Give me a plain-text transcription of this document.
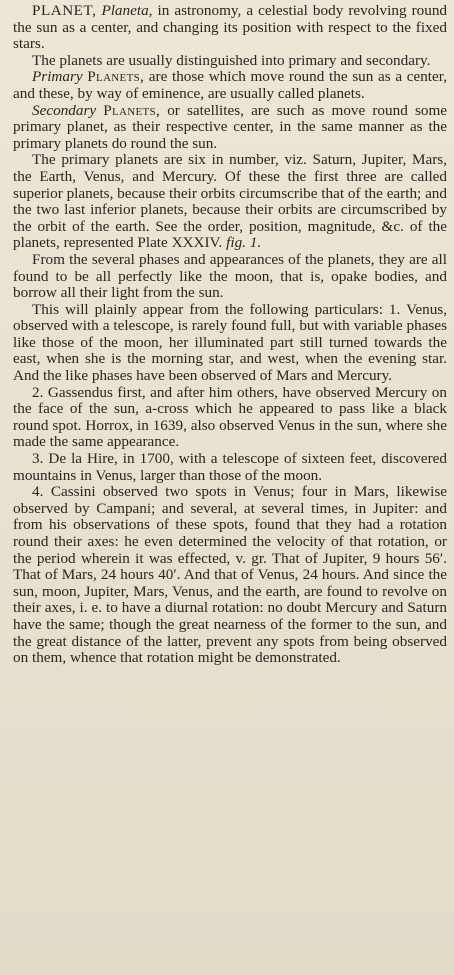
PLANET, Planeta, in astronomy, a celestial body revolving round the sun as a center, and changing its position with respect to the fixed stars.

The planets are usually distinguished into primary and secondary.

Primary Planets, are those which move round the sun as a center, and these, by way of eminence, are usually called planets.

Secondary Planets, or satellites, are such as move round some primary planet, as their respective center, in the same manner as the primary planets do round the sun.

The primary planets are six in number, viz. Saturn, Jupiter, Mars, the Earth, Venus, and Mercury. Of these the first three are called superior planets, because their orbits circumscribe that of the earth; and the two last inferior planets, because their orbits are circumscribed by the orbit of the earth. See the order, position, magnitude, &c. of the planets, represented Plate XXXIV. fig. 1.

From the several phases and appearances of the planets, they are all found to be all perfectly like the moon, that is, opake bodies, and borrow all their light from the sun.

This will plainly appear from the following particulars: 1. Venus, observed with a telescope, is rarely found full, but with variable phases like those of the moon, her illuminated part still turned towards the east, when she is the morning star, and west, when the evening star. And the like phases have been observed of Mars and Mercury.

2. Gassendus first, and after him others, have observed Mercury on the face of the sun, a-cross which he appeared to pass like a black round spot. Horrox, in 1639, also observed Venus in the sun, where she made the same appearance.

3. De la Hire, in 1700, with a telescope of sixteen feet, discovered mountains in Venus, larger than those of the moon.

4. Cassini observed two spots in Venus; four in Mars, likewise observed by Campani; and several, at several times, in Jupiter: and from his observations of these spots, found that they had a rotation round their axes: he even determined the velocity of that rotation, or the period wherein it was effected, v. gr. That of Jupiter, 9 hours 56′. That of Mars, 24 hours 40′. And that of Venus, 24 hours. And since the sun, moon, Jupiter, Mars, Venus, and the earth, are found to revolve on their axes, i. e. to have a diurnal rotation: no doubt Mercury and Saturn have the same; though the great nearness of the former to the sun, and the great distance of the latter, prevent any spots from being observed on them, whence that rotation might be demonstrated.
